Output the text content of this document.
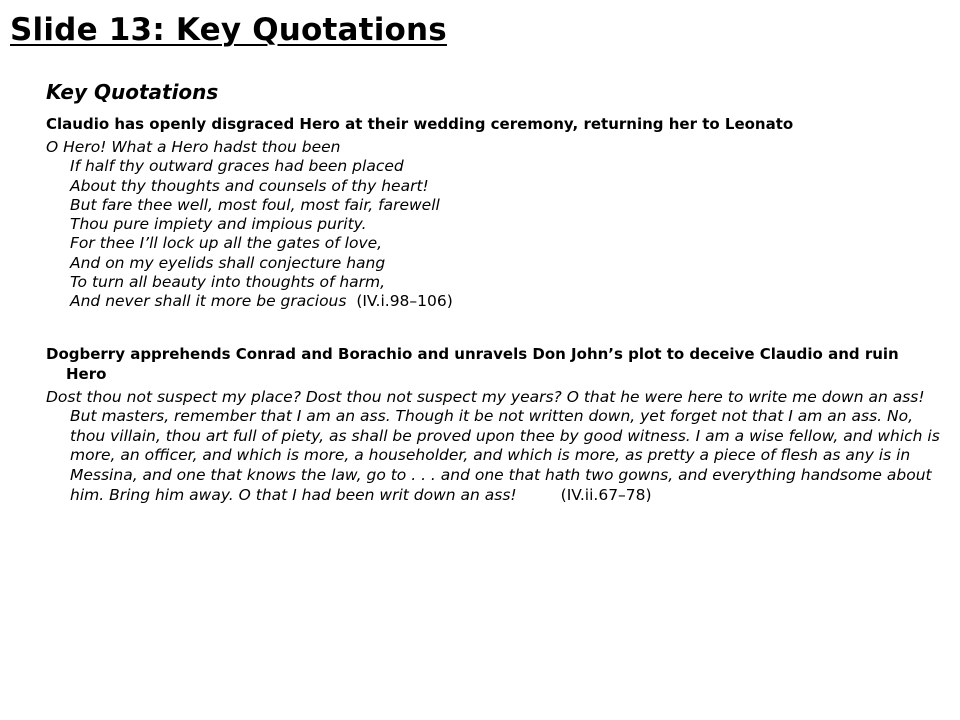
Slide 13: Key Quotations
Key Quotations

Claudio has openly disgraced Hero at their wedding ceremony, returning her to Leonato

O Hero! What a Hero hadst thou been
If half thy outward graces had been placed
About thy thoughts and counsels of thy heart!
But fare thee well, most foul, most fair, farewell
Thou pure impiety and impious purity.
For thee I’ll lock up all the gates of love,
And on my eyelids shall conjecture hang
To turn all beauty into thoughts of harm,
And never shall it more be gracious (IV.i.98–106)

Dogberry apprehends Conrad and Borachio and unravels Don John’s plot to deceive Claudio and ruin Hero

Dost thou not suspect my place? Dost thou not suspect my years? O that he were here to write me down an ass! But masters, remember that I am an ass. Though it be not written down, yet forget not that I am an ass. No, thou villain, thou art full of piety, as shall be proved upon thee by good witness. I am a wise fellow, and which is more, an officer, and which is more, a householder, and which is more, as pretty a piece of flesh as any is in Messina, and one that knows the law, go to . . . and one that hath two gowns, and everything handsome about him. Bring him away. O that I had been writ down an ass!	(IV.ii.67–78)
